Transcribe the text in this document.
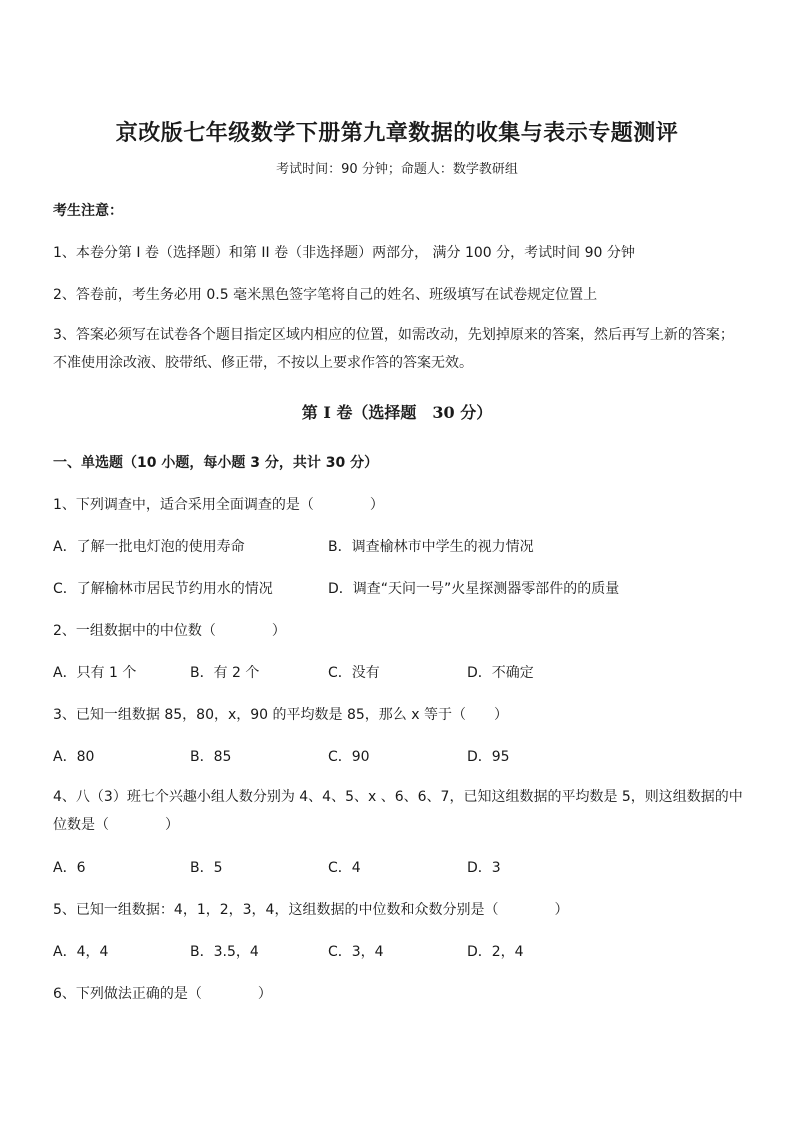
京改版七年级数学下册第九章数据的收集与表示专题测评
考试时间：90 分钟；命题人：数学教研组
考生注意：
1、本卷分第 I 卷（选择题）和第 II 卷（非选择题）两部分， 满分 100 分，考试时间 90 分钟
2、答卷前，考生务必用 0.5 毫米黑色签字笔将自己的姓名、班级填写在试卷规定位置上
3、答案必须写在试卷各个题目指定区域内相应的位置，如需改动，先划掉原来的答案，然后再写上新的答案；不准使用涂改液、胶带纸、修正带，不按以上要求作答的答案无效。
第 I 卷（选择题　30 分）
一、单选题（10 小题，每小题 3 分，共计 30 分）
1、下列调查中，适合采用全面调查的是（　　　　）
A．了解一批电灯泡的使用寿命	B．调查榆林市中学生的视力情况
C．了解榆林市居民节约用水的情况	D．调查“天问一号”火星探测器零部件的的质量
2、一组数据中的中位数（　　　　）
A．只有 1 个	B．有 2 个	C．没有	D．不确定
3、已知一组数据 85，80，x，90 的平均数是 85，那么 x 等于（　　）
A．80	B．85	C．90	D．95
4、八（3）班七个兴趣小组人数分别为 4、4、5、x 、6、6、7，已知这组数据的平均数是 5，则这组数据的中位数是（　　　　）
A．6	B．5	C．4	D．3
5、已知一组数据：4，1，2，3，4，这组数据的中位数和众数分别是（　　　　）
A．4，4	B．3.5，4	C．3，4	D．2，4
6、下列做法正确的是（　　　　）
